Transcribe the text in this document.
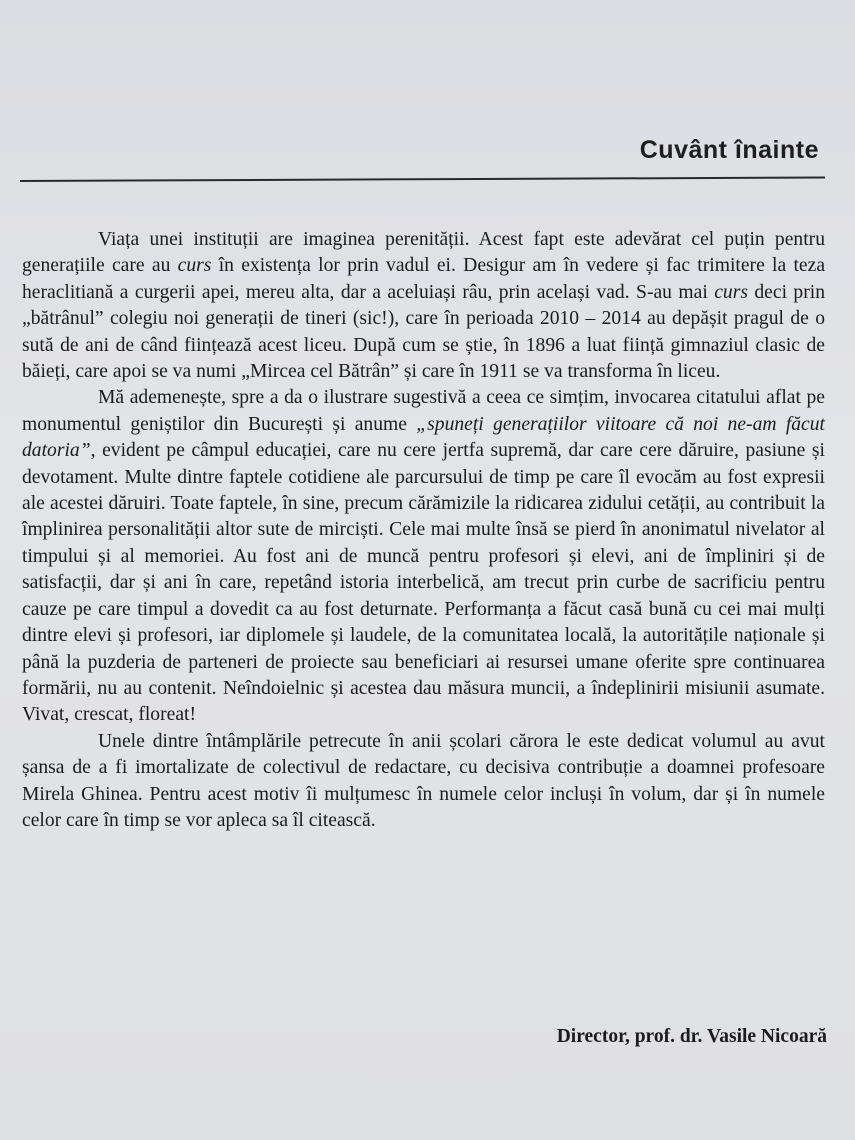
Cuvânt înainte

Viața unei instituții are imaginea perenității. Acest fapt este adevărat cel puțin pentru generațiile care au curs în existența lor prin vadul ei. Desigur am în vedere și fac trimitere la teza heraclitiană a curgerii apei, mereu alta, dar a aceluiași râu, prin același vad. S-au mai curs deci prin „bătrânul” colegiu noi generații de tineri (sic!), care în perioada 2010 – 2014 au depășit pragul de o sută de ani de când ființează acest liceu. După cum se știe, în 1896 a luat ființă gimnaziul clasic de băieți, care apoi se va numi „Mircea cel Bătrân” și care în 1911 se va transforma în liceu.

Mă ademenește, spre a da o ilustrare sugestivă a ceea ce simțim, invocarea citatului aflat pe monumentul geniștilor din București și anume „spuneți generațiilor viitoare că noi ne-am făcut datoria”, evident pe câmpul educației, care nu cere jertfa supremă, dar care cere dăruire, pasiune și devotament. Multe dintre faptele cotidiene ale parcursului de timp pe care îl evocăm au fost expresii ale acestei dăruiri. Toate faptele, în sine, precum cărămizile la ridicarea zidului cetății, au contribuit la împlinirea personalității altor sute de mirciști. Cele mai multe însă se pierd în anonimatul nivelator al timpului și al memoriei. Au fost ani de muncă pentru profesori și elevi, ani de împliniri și de satisfacții, dar și ani în care, repetând istoria interbelică, am trecut prin curbe de sacrificiu pentru cauze pe care timpul a dovedit ca au fost deturnate. Performanța a făcut casă bună cu cei mai mulți dintre elevi și profesori, iar diplomele și laudele, de la comunitatea locală, la autoritățile naționale și până la puzderia de parteneri de proiecte sau beneficiari ai resursei umane oferite spre continuarea formării, nu au contenit. Neîndoielnic și acestea dau măsura muncii, a îndeplinirii misiunii asumate. Vivat, crescat, floreat!

Unele dintre întâmplările petrecute în anii școlari cărora le este dedicat volumul au avut șansa de a fi imortalizate de colectivul de redactare, cu decisiva contribuție a doamnei profesoare Mirela Ghinea. Pentru acest motiv îi mulțumesc în numele celor incluși în volum, dar și în numele celor care în timp se vor apleca sa îl citească.

Director, prof. dr. Vasile Nicoară
